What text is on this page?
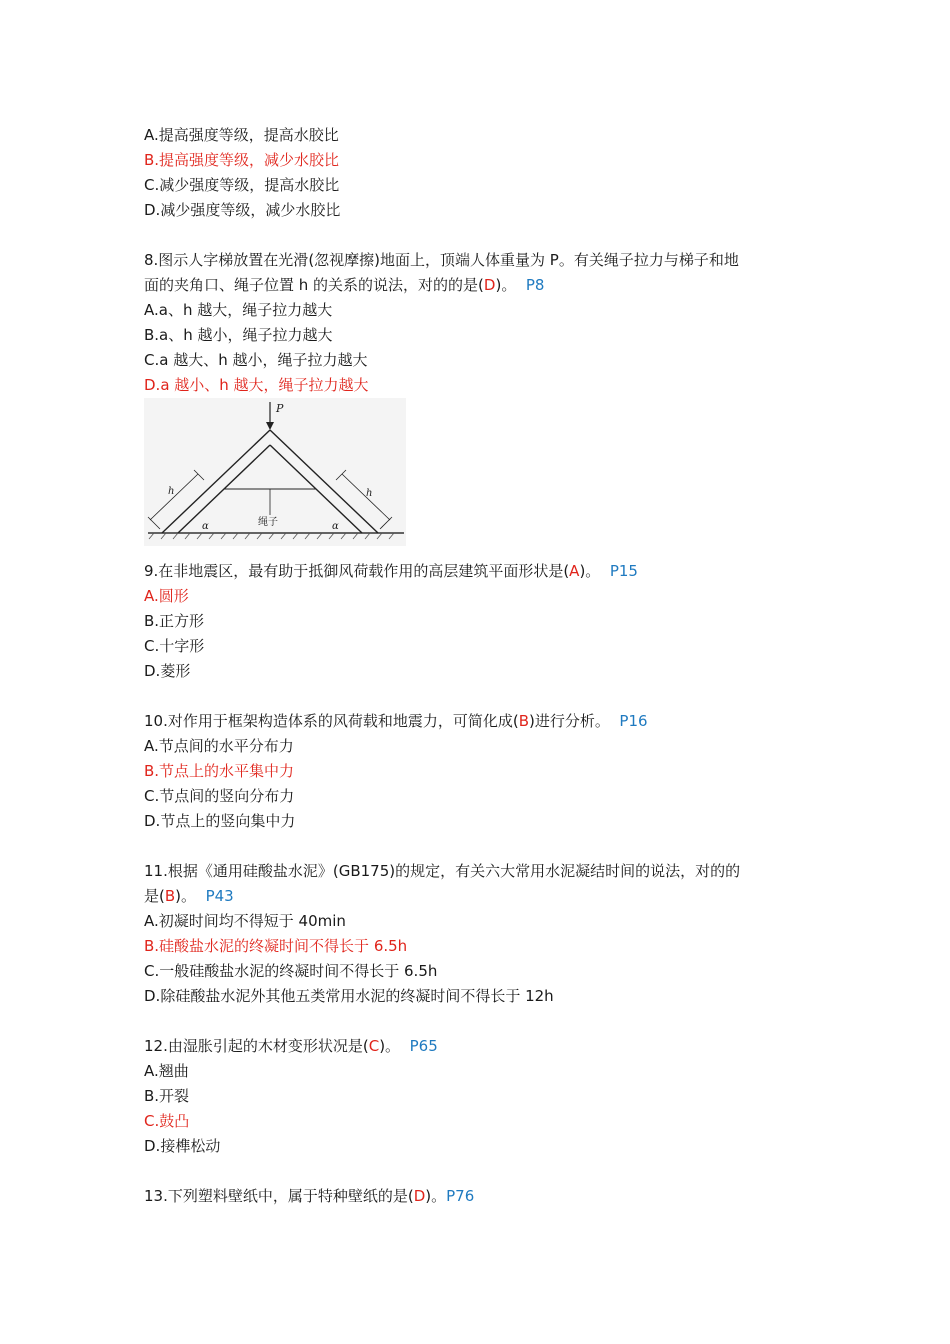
A.提高强度等级，提高水胶比
B.提高强度等级，减少水胶比
C.减少强度等级，提高水胶比
D.减少强度等级，减少水胶比
8.图示人字梯放置在光滑(忽视摩擦)地面上，顶端人体重量为 P。有关绳子拉力与梯子和地
面的夹角口、绳子位置 h 的关系的说法，对的的是(D)。 P8
A.a、h 越大，绳子拉力越大
B.a、h 越小，绳子拉力越大
C.a 越大、h 越小，绳子拉力越大
D.a 越小、h 越大，绳子拉力越大
P
绳子
h	h
α	α
9.在非地震区，最有助于抵御风荷载作用的高层建筑平面形状是(A)。 P15
A.圆形
B.正方形
C.十字形
D.菱形
10.对作用于框架构造体系的风荷载和地震力，可简化成(B)进行分析。 P16
A.节点间的水平分布力
B.节点上的水平集中力
C.节点间的竖向分布力
D.节点上的竖向集中力
11.根据《通用硅酸盐水泥》(GB175)的规定，有关六大常用水泥凝结时间的说法，对的的
是(B)。 P43
A.初凝时间均不得短于 40min
B.硅酸盐水泥的终凝时间不得长于 6.5h
C.一般硅酸盐水泥的终凝时间不得长于 6.5h
D.除硅酸盐水泥外其他五类常用水泥的终凝时间不得长于 12h
12.由湿胀引起的木材变形状况是(C)。 P65
A.翘曲
B.开裂
C.鼓凸
D.接榫松动
13.下列塑料壁纸中，属于特种壁纸的是(D)。P76
